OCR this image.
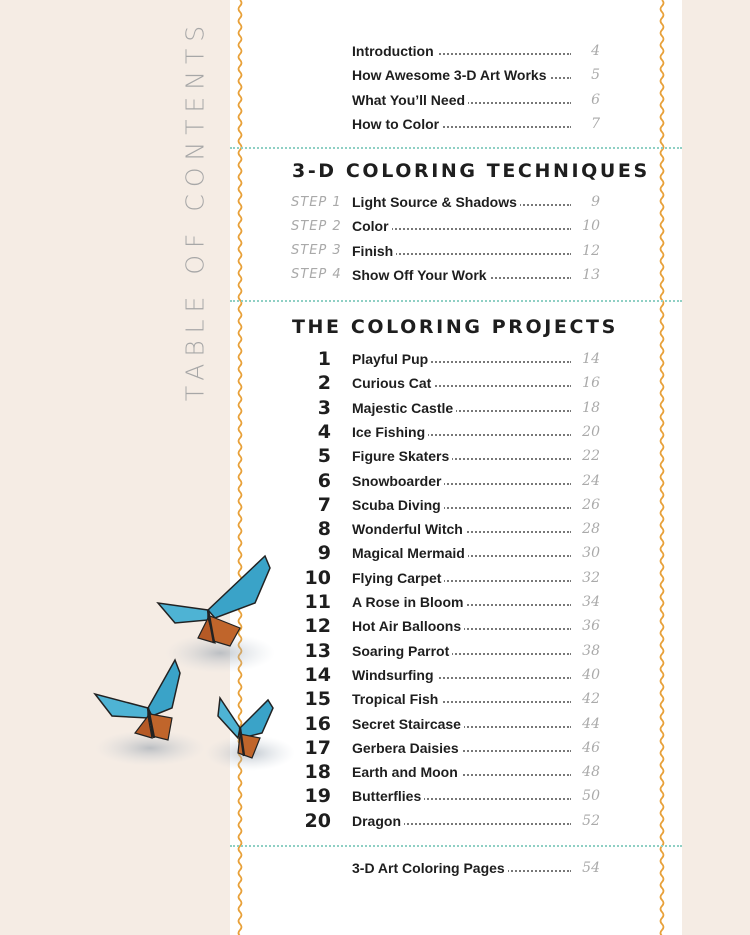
TABLE OF CONTENTS	Introduction	4
How Awesome 3-D Art Works	5
What You’ll Need	6
How to Color	7
3-D COLORING TECHNIQUES
STEP 1 Light Source & Shadows	9
STEP 2 Color	10
STEP 3 Finish	12
STEP 4 Show Off Your Work	13
THE COLORING PROJECTS
1 Playful Pup	14
2 Curious Cat	16
3 Majestic Castle	18
4 Ice Fishing	20
5 Figure Skaters	22
6 Snowboarder	24
7 Scuba Diving	26
8 Wonderful Witch	28
9 Magical Mermaid	30
10 Flying Carpet	32
11 A Rose in Bloom	34
12 Hot Air Balloons	36
13 Soaring Parrot	38
14 Windsurfing	40
15 Tropical Fish	42
16 Secret Staircase	44
17 Gerbera Daisies	46
18 Earth and Moon	48
19 Butterflies	50
20 Dragon	52
3-D Art Coloring Pages	54
